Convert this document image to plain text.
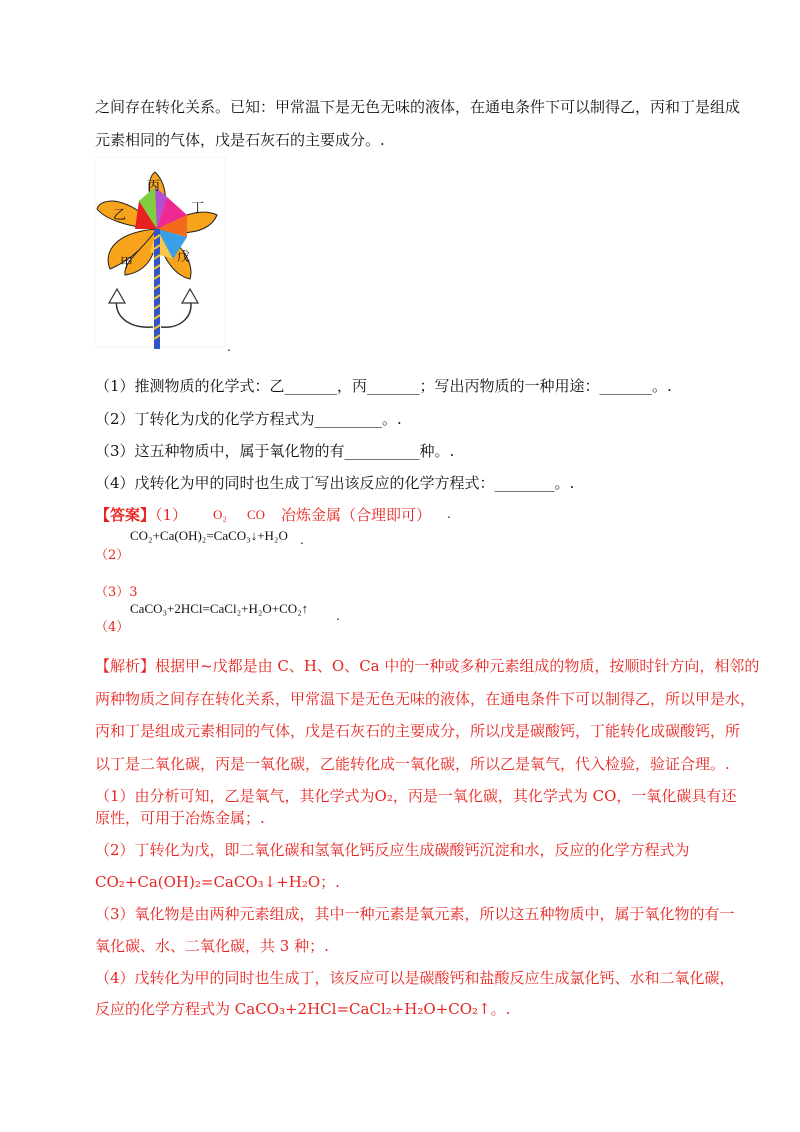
之间存在转化关系。已知：甲常温下是无色无味的液体，在通电条件下可以制得乙，丙和丁是组成
元素相同的气体，戊是石灰石的主要成分。.
丙
乙	丁
甲	戊
.
（1）推测物质的化学式：乙_______，丙_______；写出丙物质的一种用途：_______。.
（2）丁转化为戊的化学方程式为_________。.
（3）这五种物质中，属于氧化物的有__________种。.
（4）戊转化为甲的同时也生成丁写出该反应的化学方程式：________。.
【答案】（1） O₂ CO 冶炼金属（合理即可） .
（2）
CO₂+Ca(OH)₂=CaCO₃↓+H₂O .
（3）3
（4）
CaCO₃+2HCl=CaCl₂+H₂O+CO₂↑ .
【解析】根据甲~戊都是由 C、H、O、Ca 中的一种或多种元素组成的物质，按顺时针方向，相邻的
两种物质之间存在转化关系，甲常温下是无色无味的液体，在通电条件下可以制得乙，所以甲是水，
丙和丁是组成元素相同的气体，戊是石灰石的主要成分，所以戊是碳酸钙，丁能转化成碳酸钙，所
以丁是二氧化碳，丙是一氧化碳，乙能转化成一氧化碳，所以乙是氧气，代入检验，验证合理。.
（1）由分析可知，乙是氧气，其化学式为O₂，丙是一氧化碳，其化学式为 CO，一氧化碳具有还
原性，可用于冶炼金属；.
（2）丁转化为戊，即二氧化碳和氢氧化钙反应生成碳酸钙沉淀和水，反应的化学方程式为
CO₂+Ca(OH)₂=CaCO₃↓+H₂O；.
（3）氧化物是由两种元素组成，其中一种元素是氧元素，所以这五种物质中，属于氧化物的有一
氧化碳、水、二氧化碳，共 3 种；.
（4）戊转化为甲的同时也生成丁，该反应可以是碳酸钙和盐酸反应生成氯化钙、水和二氧化碳，
反应的化学方程式为 CaCO₃+2HCl=CaCl₂+H₂O+CO₂↑。.
